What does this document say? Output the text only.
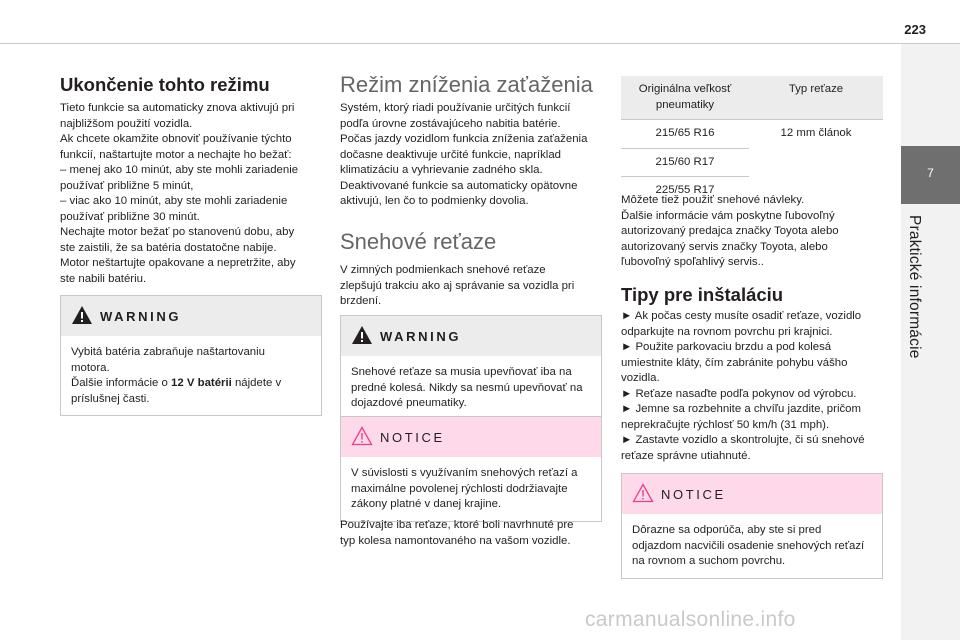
223
7
Praktické informácie
Ukončenie tohto režimu
Tieto funkcie sa automaticky znova aktivujú pri
najbližšom použití vozidla.
Ak chcete okamžite obnoviť používanie týchto
funkcií, naštartujte motor a nechajte ho bežať:
– menej ako 10 minút, aby ste mohli zariadenie
používať približne 5 minút,
– viac ako 10 minút, aby ste mohli zariadenie
používať približne 30 minút.
Nechajte motor bežať po stanovenú dobu, aby
ste zaistili, že sa batéria dostatočne nabije.
Motor neštartujte opakovane a nepretržite, aby
ste nabili batériu.
WARNING
Vybitá batéria zabraňuje naštartovaniu
motora.
Ďalšie informácie o 12 V batérii nájdete v
príslušnej časti.
Režim zníženia zaťaženia
Systém, ktorý riadi používanie určitých funkcií
podľa úrovne zostávajúceho nabitia batérie.
Počas jazdy vozidlom funkcia zníženia zaťaženia
dočasne deaktivuje určité funkcie, napríklad
klimatizáciu a vyhrievanie zadného skla.
Deaktivované funkcie sa automaticky opätovne
aktivujú, len čo to podmienky dovolia.
Snehové reťaze
V zimných podmienkach snehové reťaze
zlepšujú trakciu ako aj správanie sa vozidla pri
brzdení.
WARNING
Snehové reťaze sa musia upevňovať iba na
predné kolesá. Nikdy sa nesmú upevňovať na
dojazdové pneumatiky.
NOTICE
V súvislosti s využívaním snehových reťazí a
maximálne povolenej rýchlosti dodržiavajte
zákony platné v danej krajine.
Používajte iba reťaze, ktoré boli navrhnuté pre
typ kolesa namontovaného na vašom vozidle.
Originálna veľkosť
pneumatiky	Typ reťaze
215/65 R16	12 mm článok
215/60 R17	
225/55 R17	
Môžete tiež použiť snehové návleky.
Ďalšie informácie vám poskytne ľubovoľný
autorizovaný predajca značky Toyota alebo
autorizovaný servis značky Toyota, alebo
ľubovoľný spoľahlivý servis..
Tipy pre inštaláciu
► Ak počas cesty musíte osadiť reťaze, vozidlo
odparkujte na rovnom povrchu pri krajnici.
► Použite parkovaciu brzdu a pod kolesá
umiestnite kláty, čím zabránite pohybu vášho
vozidla.
► Reťaze nasaďte podľa pokynov od výrobcu.
► Jemne sa rozbehnite a chvíľu jazdite, pričom
neprekračujte rýchlosť 50 km/h (31 mph).
► Zastavte vozidlo a skontrolujte, či sú snehové
reťaze správne utiahnuté.
NOTICE
Dôrazne sa odporúča, aby ste si pred
odjazdom nacvičili osadenie snehových reťazí
na rovnom a suchom povrchu.
carmanualsonline.info
